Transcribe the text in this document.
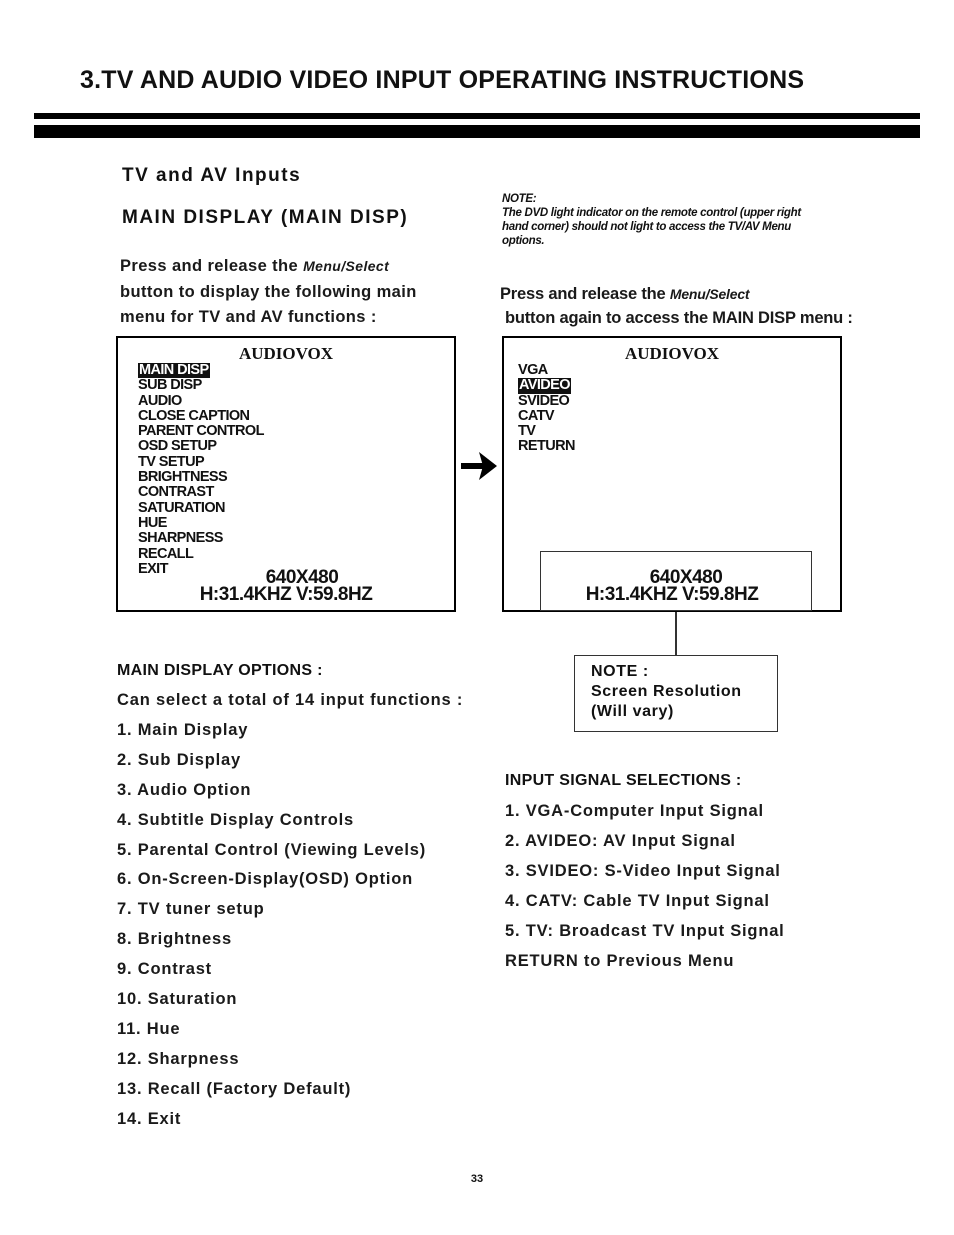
3.TV AND AUDIO VIDEO INPUT OPERATING INSTRUCTIONS
TV and AV Inputs
MAIN DISPLAY (MAIN DISP)
Press and release the Menu/Select
button to display the following main menu for TV and AV functions :
AUDIOVOX
MAIN DISP
SUB DISP
AUDIO
CLOSE CAPTION
PARENT CONTROL
OSD SETUP
TV SETUP
BRIGHTNESS
CONTRAST
SATURATION
HUE
SHARPNESS
RECALL
EXIT	640X480
H:31.4KHZ V:59.8HZ
NOTE:
The DVD light indicator on the remote control (upper right hand corner) should not light to access the TV/AV Menu options.
Press and release the Menu/Select
button again to access the MAIN DISP menu :
AUDIOVOX
VGA
AVIDEO
SVIDEO
CATV
TV
RETURN
640X480
H:31.4KHZ V:59.8HZ
NOTE :
Screen Resolution
(Will vary)
MAIN DISPLAY OPTIONS :
Can select a total of 14 input functions :
1. Main Display
2. Sub Display
3. Audio Option
4. Subtitle Display Controls
5. Parental Control (Viewing Levels)
6. On-Screen-Display(OSD) Option
7. TV tuner setup
8. Brightness
9. Contrast
10. Saturation
11. Hue
12. Sharpness
13. Recall (Factory Default)
14. Exit
INPUT SIGNAL SELECTIONS :
1. VGA-Computer Input Signal
2. AVIDEO: AV Input Signal
3. SVIDEO: S-Video Input Signal
4. CATV: Cable TV Input Signal
5. TV: Broadcast TV Input Signal
RETURN to Previous Menu
33
